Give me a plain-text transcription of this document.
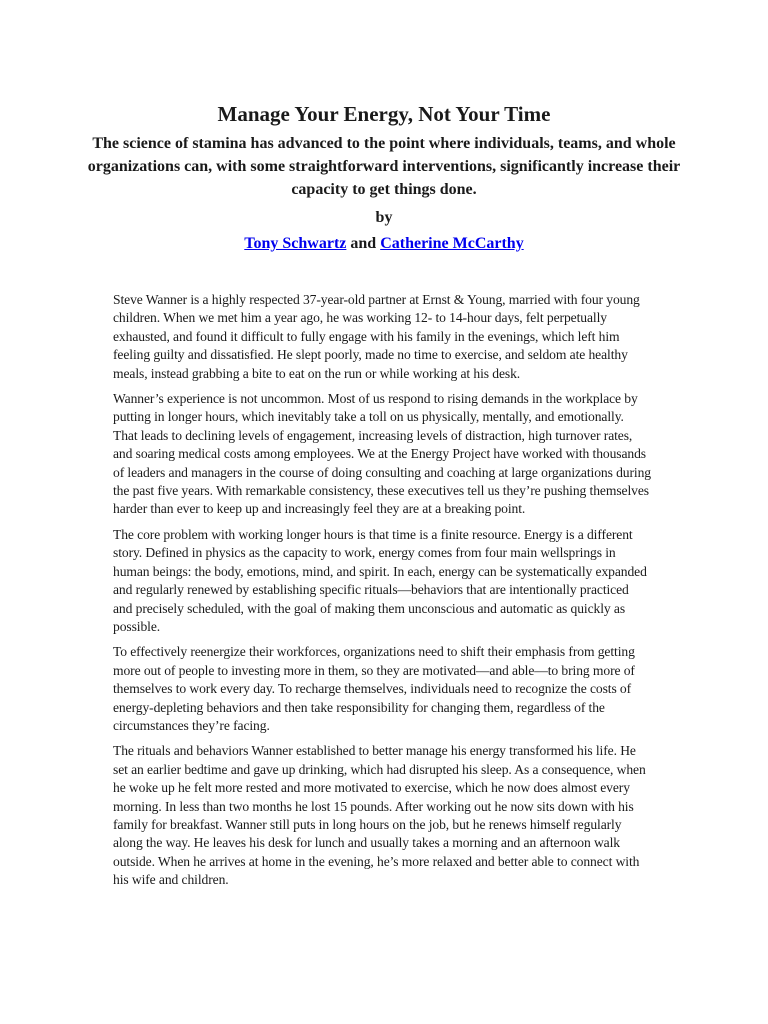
Manage Your Energy, Not Your Time
The science of stamina has advanced to the point where individuals, teams, and whole organizations can, with some straightforward interventions, significantly increase their capacity to get things done.
by
Tony Schwartz and Catherine McCarthy

Steve Wanner is a highly respected 37-year-old partner at Ernst & Young, married with four young children. When we met him a year ago, he was working 12- to 14-hour days, felt perpetually exhausted, and found it difficult to fully engage with his family in the evenings, which left him feeling guilty and dissatisfied. He slept poorly, made no time to exercise, and seldom ate healthy meals, instead grabbing a bite to eat on the run or while working at his desk.

Wanner’s experience is not uncommon. Most of us respond to rising demands in the workplace by putting in longer hours, which inevitably take a toll on us physically, mentally, and emotionally. That leads to declining levels of engagement, increasing levels of distraction, high turnover rates, and soaring medical costs among employees. We at the Energy Project have worked with thousands of leaders and managers in the course of doing consulting and coaching at large organizations during the past five years. With remarkable consistency, these executives tell us they’re pushing themselves harder than ever to keep up and increasingly feel they are at a breaking point.

The core problem with working longer hours is that time is a finite resource. Energy is a different story. Defined in physics as the capacity to work, energy comes from four main wellsprings in human beings: the body, emotions, mind, and spirit. In each, energy can be systematically expanded and regularly renewed by establishing specific rituals—behaviors that are intentionally practiced and precisely scheduled, with the goal of making them unconscious and automatic as quickly as possible.

To effectively reenergize their workforces, organizations need to shift their emphasis from getting more out of people to investing more in them, so they are motivated—and able—to bring more of themselves to work every day. To recharge themselves, individuals need to recognize the costs of energy-depleting behaviors and then take responsibility for changing them, regardless of the circumstances they’re facing.

The rituals and behaviors Wanner established to better manage his energy transformed his life. He set an earlier bedtime and gave up drinking, which had disrupted his sleep. As a consequence, when he woke up he felt more rested and more motivated to exercise, which he now does almost every morning. In less than two months he lost 15 pounds. After working out he now sits down with his family for breakfast. Wanner still puts in long hours on the job, but he renews himself regularly along the way. He leaves his desk for lunch and usually takes a morning and an afternoon walk outside. When he arrives at home in the evening, he’s more relaxed and better able to connect with his wife and children.
